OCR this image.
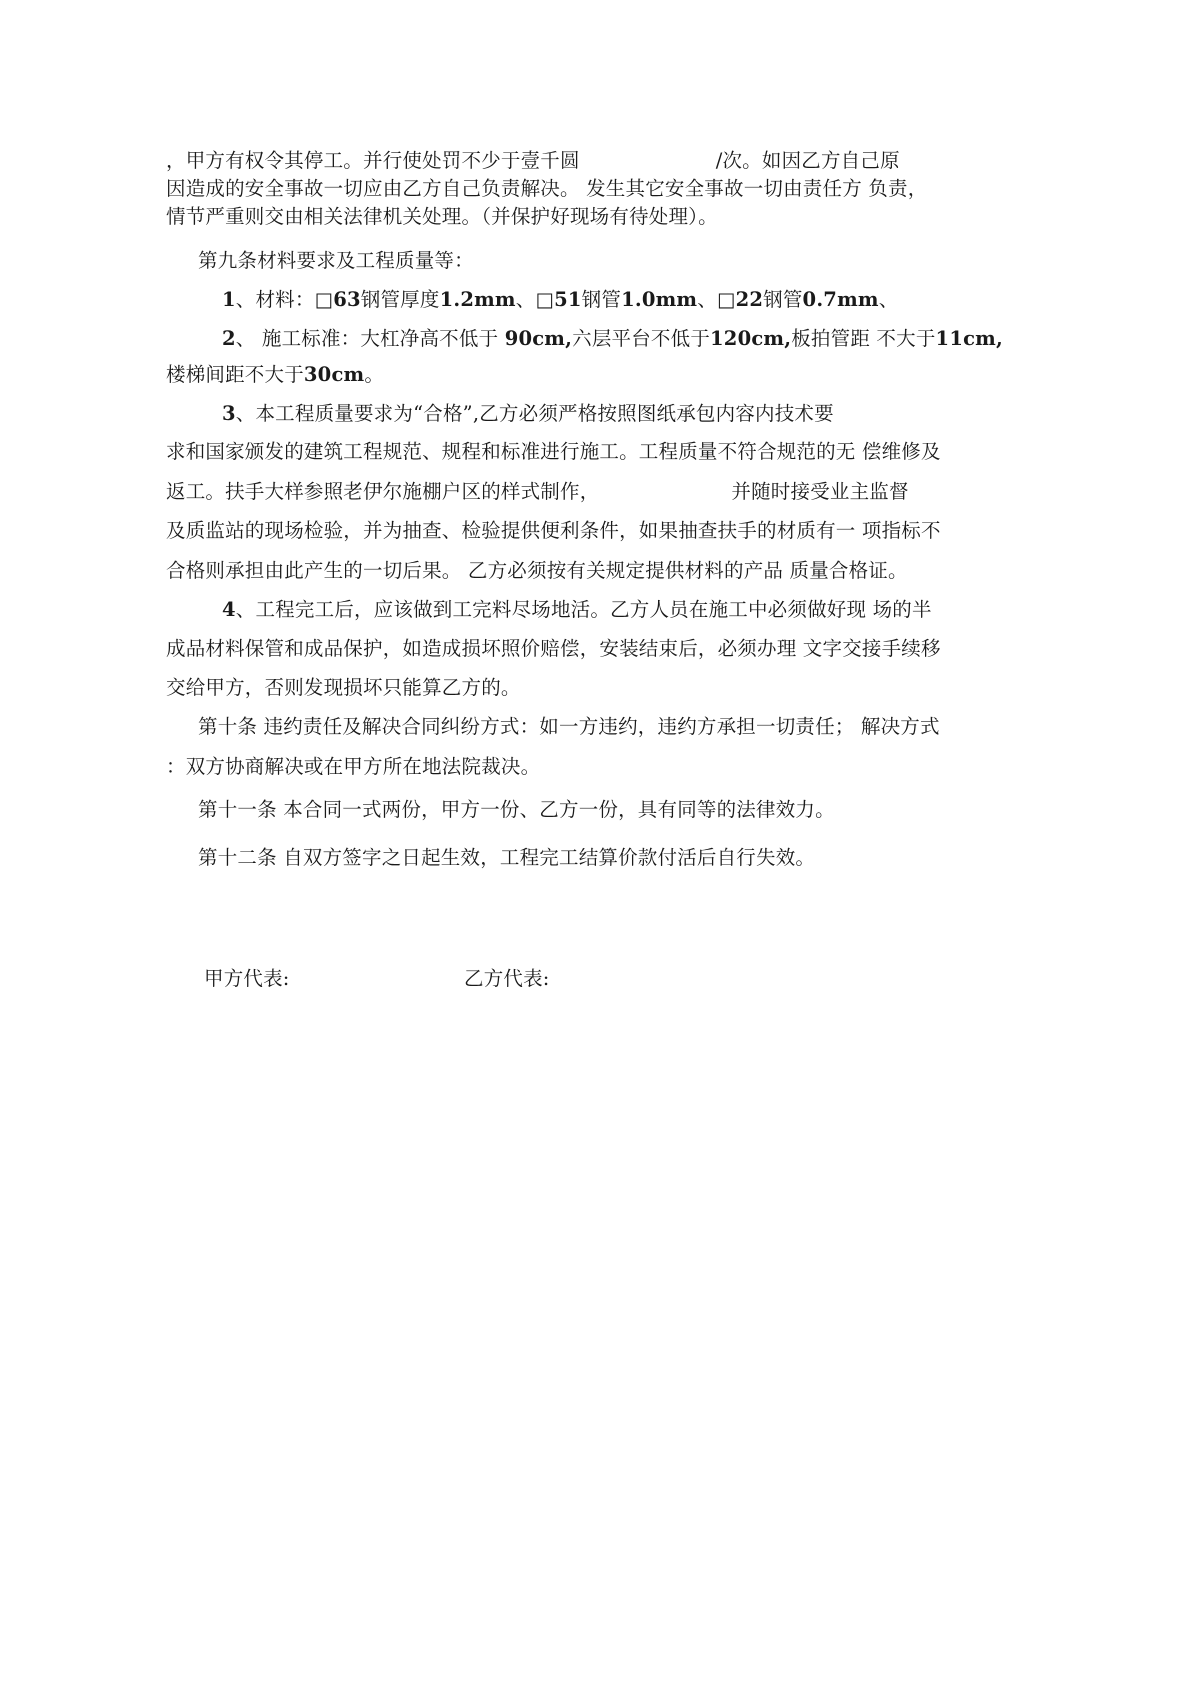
，甲方有权令其停工。并行使处罚不少于壹千圆	/次。如因乙方自己原
因造成的安全事故一切应由乙方自己负责解决。 发生其它安全事故一切由责任方 负责，
情节严重则交由相关法律机关处理。（并保护好现场有待处理）。
第九条材料要求及工程质量等：
1、材料：□63钢管厚度1.2mm、□51钢管1.0mm、□22钢管0.7mm、
2、 施工标准：大杠净高不低于 90cm,六层平台不低于120cm,板拍管距 不大于11cm,
楼梯间距不大于30cm。
3、本工程质量要求为“合格”,乙方必须严格按照图纸承包内容内技术要
求和国家颁发的建筑工程规范、规程和标准进行施工。工程质量不符合规范的无 偿维修及
返工。扶手大样参照老伊尔施棚户区的样式制作，	并随时接受业主监督
及质监站的现场检验，并为抽查、检验提供便利条件，如果抽查扶手的材质有一 项指标不
合格则承担由此产生的一切后果。 乙方必须按有关规定提供材料的产品 质量合格证。
4、工程完工后，应该做到工完料尽场地活。乙方人员在施工中必须做好现 场的半
成品材料保管和成品保护，如造成损坏照价赔偿，安装结束后，必须办理 文字交接手续移
交给甲方，否则发现损坏只能算乙方的。
第十条 违约责任及解决合同纠纷方式：如一方违约，违约方承担一切责任； 解决方式
：双方协商解决或在甲方所在地法院裁决。
第十一条 本合同一式两份，甲方一份、乙方一份，具有同等的法律效力。
第十二条 自双方签字之日起生效，工程完工结算价款付活后自行失效。
甲方代表:	乙方代表:
